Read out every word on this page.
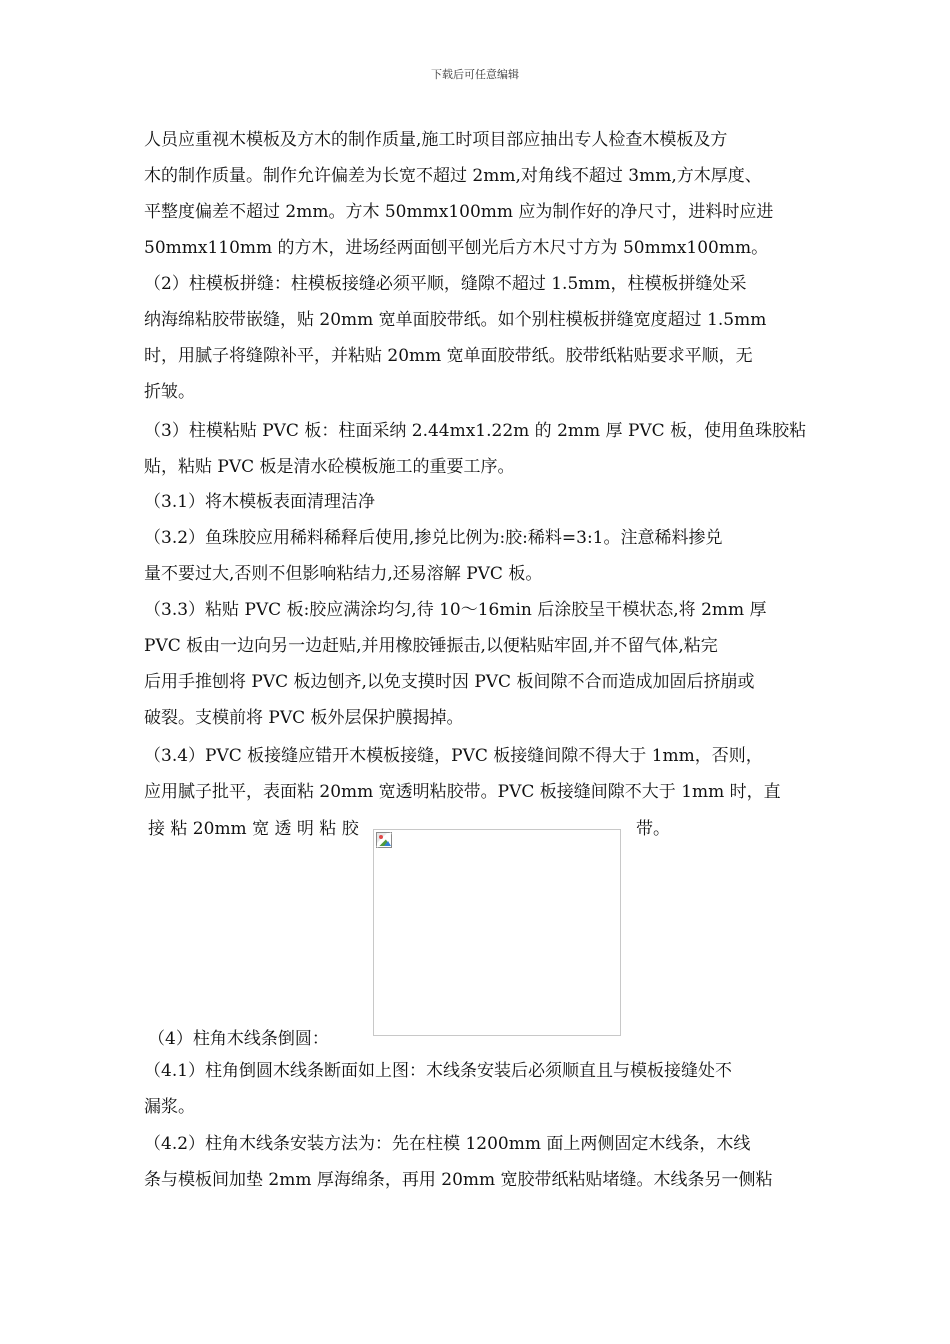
下载后可任意编辑
人员应重视木模板及方木的制作质量,施工时项目部应抽出专人检查木模板及方
木的制作质量。制作允许偏差为长宽不超过 2mm,对角线不超过 3mm,方木厚度、
平整度偏差不超过 2mm。方木 50mmx100mm 应为制作好的净尺寸，进料时应进
50mmx110mm 的方木，进场经两面刨平刨光后方木尺寸方为 50mmx100mm。
（2）柱模板拼缝：柱模板接缝必须平顺，缝隙不超过 1.5mm，柱模板拼缝处采
纳海绵粘胶带嵌缝，贴 20mm 宽单面胶带纸。如个别柱模板拼缝宽度超过 1.5mm
时，用腻子将缝隙补平，并粘贴 20mm 宽单面胶带纸。胶带纸粘贴要求平顺，无
折皱。
（3）柱模粘贴 PVC 板：柱面采纳 2.44mx1.22m 的 2mm 厚 PVC 板，使用鱼珠胶粘
贴，粘贴 PVC 板是清水砼模板施工的重要工序。
（3.1）将木模板表面清理洁净
（3.2）鱼珠胶应用稀料稀释后使用,掺兑比例为:胶:稀料=3:1。注意稀料掺兑
量不要过大,否则不但影响粘结力,还易溶解 PVC 板。
（3.3）粘贴 PVC 板:胶应满涂均匀,待 10～16min 后涂胶呈干模状态,将 2mm 厚
PVC 板由一边向另一边赶贴,并用橡胶锤振击,以便粘贴牢固,并不留气体,粘完
后用手推刨将 PVC 板边刨齐,以免支摸时因 PVC 板间隙不合而造成加固后挤崩或
破裂。支模前将 PVC 板外层保护膜揭掉。
（3.4）PVC 板接缝应错开木模板接缝，PVC 板接缝间隙不得大于 1mm，否则，
应用腻子批平，表面粘 20mm 宽透明粘胶带。PVC 板接缝间隙不大于 1mm 时，直
接 粘 20mm 宽 透 明 粘 胶	带。
（4）柱角木线条倒圆：
（4.1）柱角倒圆木线条断面如上图：木线条安装后必须顺直且与模板接缝处不
漏浆。
（4.2）柱角木线条安装方法为：先在柱模 1200mm 面上两侧固定木线条，木线
条与模板间加垫 2mm 厚海绵条，再用 20mm 宽胶带纸粘贴堵缝。木线条另一侧粘
